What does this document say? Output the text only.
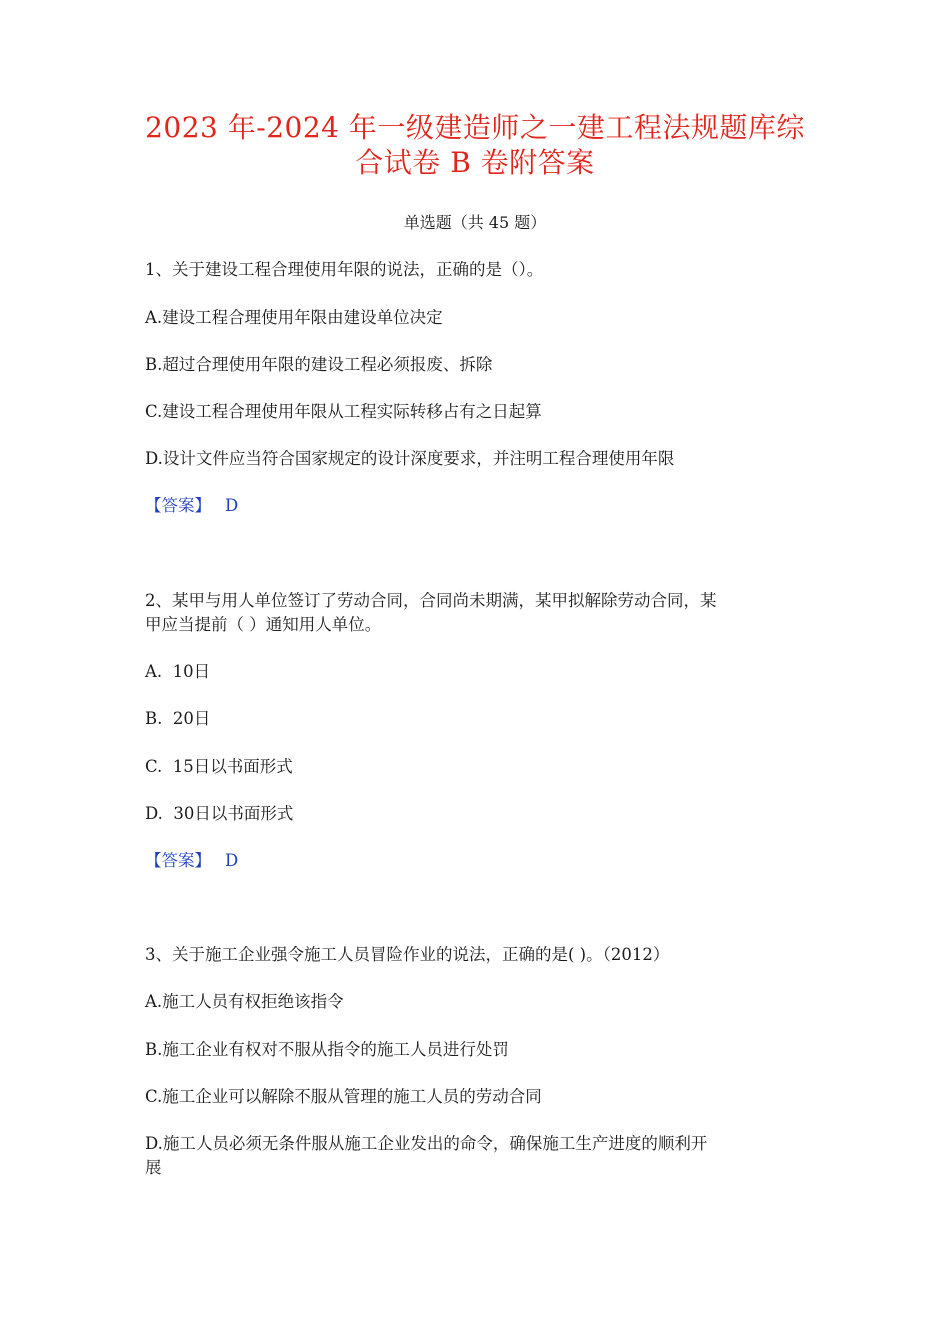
2023 年-2024 年一级建造师之一建工程法规题库综
合试卷 B 卷附答案
单选题（共 45 题）
1、关于建设工程合理使用年限的说法，正确的是（）。
A.建设工程合理使用年限由建设单位决定
B.超过合理使用年限的建设工程必须报废、拆除
C.建设工程合理使用年限从工程实际转移占有之日起算
D.设计文件应当符合国家规定的设计深度要求，并注明工程合理使用年限
【答案】 D
2、某甲与用人单位签订了劳动合同，合同尚未期满，某甲拟解除劳动合同，某
甲应当提前（ ）通知用人单位。
A.  10日
B.  20日
C.  15日以书面形式
D.  30日以书面形式
【答案】 D
3、关于施工企业强令施工人员冒险作业的说法，正确的是( )。（2012）
A.施工人员有权拒绝该指令
B.施工企业有权对不服从指令的施工人员进行处罚
C.施工企业可以解除不服从管理的施工人员的劳动合同
D.施工人员必须无条件服从施工企业发出的命令，确保施工生产进度的顺利开
展
